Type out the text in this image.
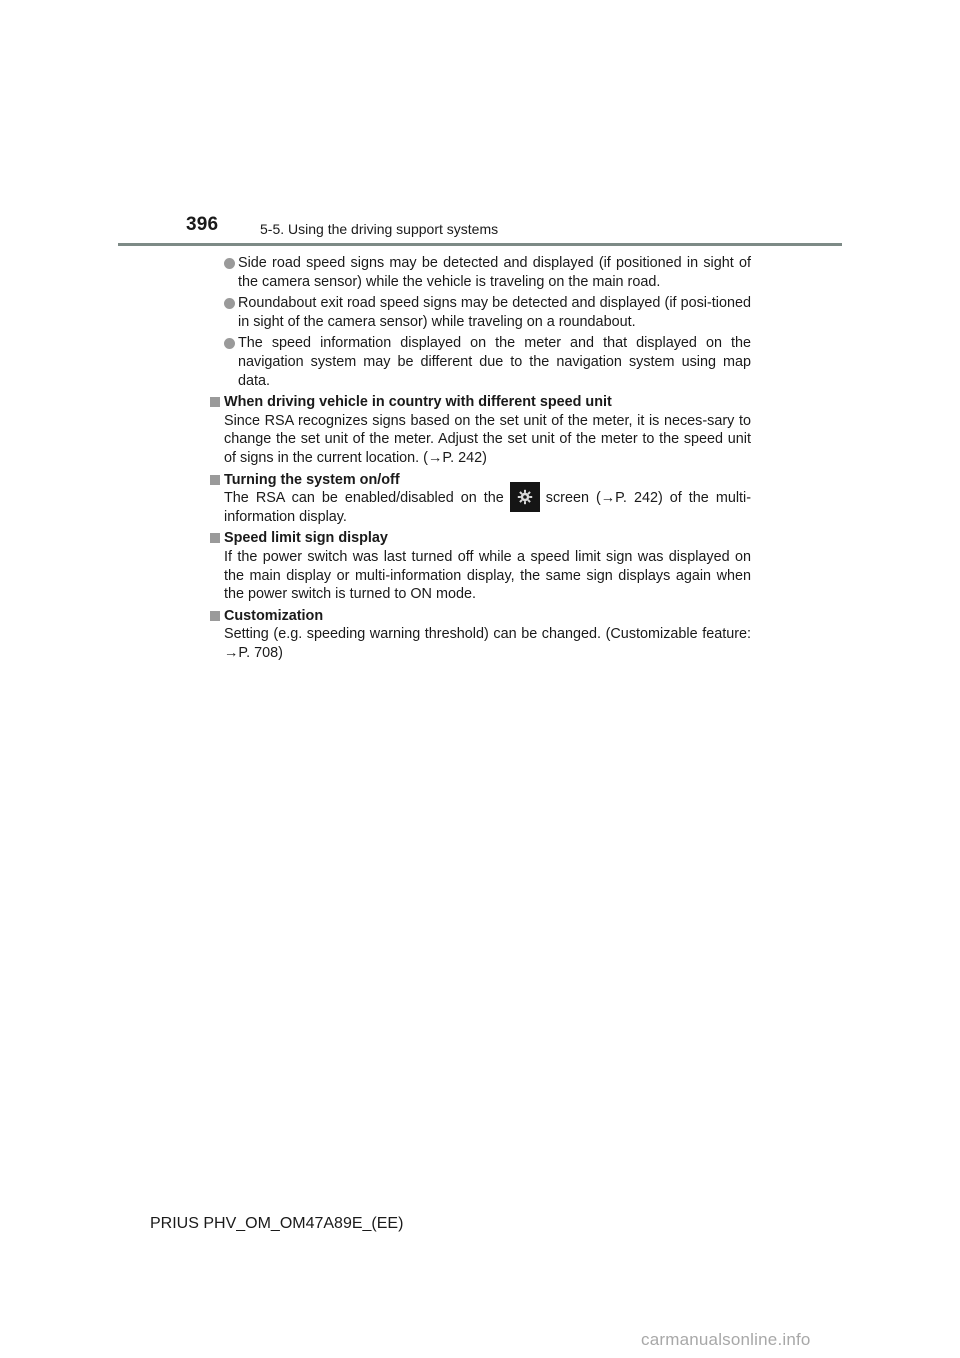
396	5-5. Using the driving support systems
Side road speed signs may be detected and displayed (if positioned in sight of the camera sensor) while the vehicle is traveling on the main road.
Roundabout exit road speed signs may be detected and displayed (if posi-tioned in sight of the camera sensor) while traveling on a roundabout.
The speed information displayed on the meter and that displayed on the navigation system may be different due to the navigation system using map data.
When driving vehicle in country with different speed unit
Since RSA recognizes signs based on the set unit of the meter, it is neces-sary to change the set unit of the meter. Adjust the set unit of the meter to the speed unit of signs in the current location. (→P. 242)
Turning the system on/off
The RSA can be enabled/disabled on the	screen (→P. 242) of the multi-information display.
Speed limit sign display
If the power switch was last turned off while a speed limit sign was displayed on the main display or multi-information display, the same sign displays again when the power switch is turned to ON mode.
Customization
Setting (e.g. speeding warning threshold) can be changed. (Customizable feature: →P. 708)
PRIUS PHV_OM_OM47A89E_(EE)
carmanualsonline.info
